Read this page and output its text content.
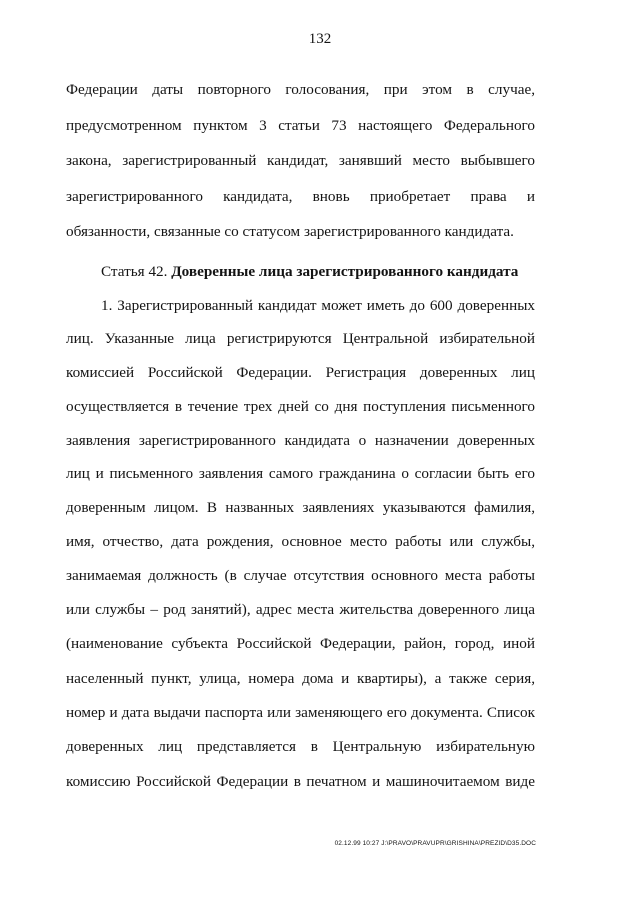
132
Федерации даты повторного голосования, при этом в случае,
предусмотренном пунктом 3 статьи 73 настоящего Федерального
закона, зарегистрированный кандидат, занявший место выбывшего
зарегистрированного кандидата, вновь приобретает права и
обязанности, связанные со статусом зарегистрированного кандидата.
Статья 42. Доверенные лица зарегистрированного кандидата
1. Зарегистрированный кандидат может иметь до 600 доверенных
лиц. Указанные лица регистрируются Центральной избирательной
комиссией Российской Федерации. Регистрация доверенных лиц
осуществляется в течение трех дней со дня поступления письменного
заявления зарегистрированного кандидата о назначении доверенных
лиц и письменного заявления самого гражданина о согласии быть его
доверенным лицом. В названных заявлениях указываются фамилия,
имя, отчество, дата рождения, основное место работы или службы,
занимаемая должность (в случае отсутствия основного места работы
или службы – род занятий), адрес места жительства доверенного лица
(наименование субъекта Российской Федерации, район, город, иной
населенный пункт, улица, номера дома и квартиры), а также серия,
номер и дата выдачи паспорта или заменяющего его документа. Список
доверенных лиц представляется в Центральную избирательную
комиссию Российской Федерации в печатном и машиночитаемом виде
02.12.99 10:27 J:\PRAVO\PRAVUPR\GRISHINA\PREZID\D35.DOC
